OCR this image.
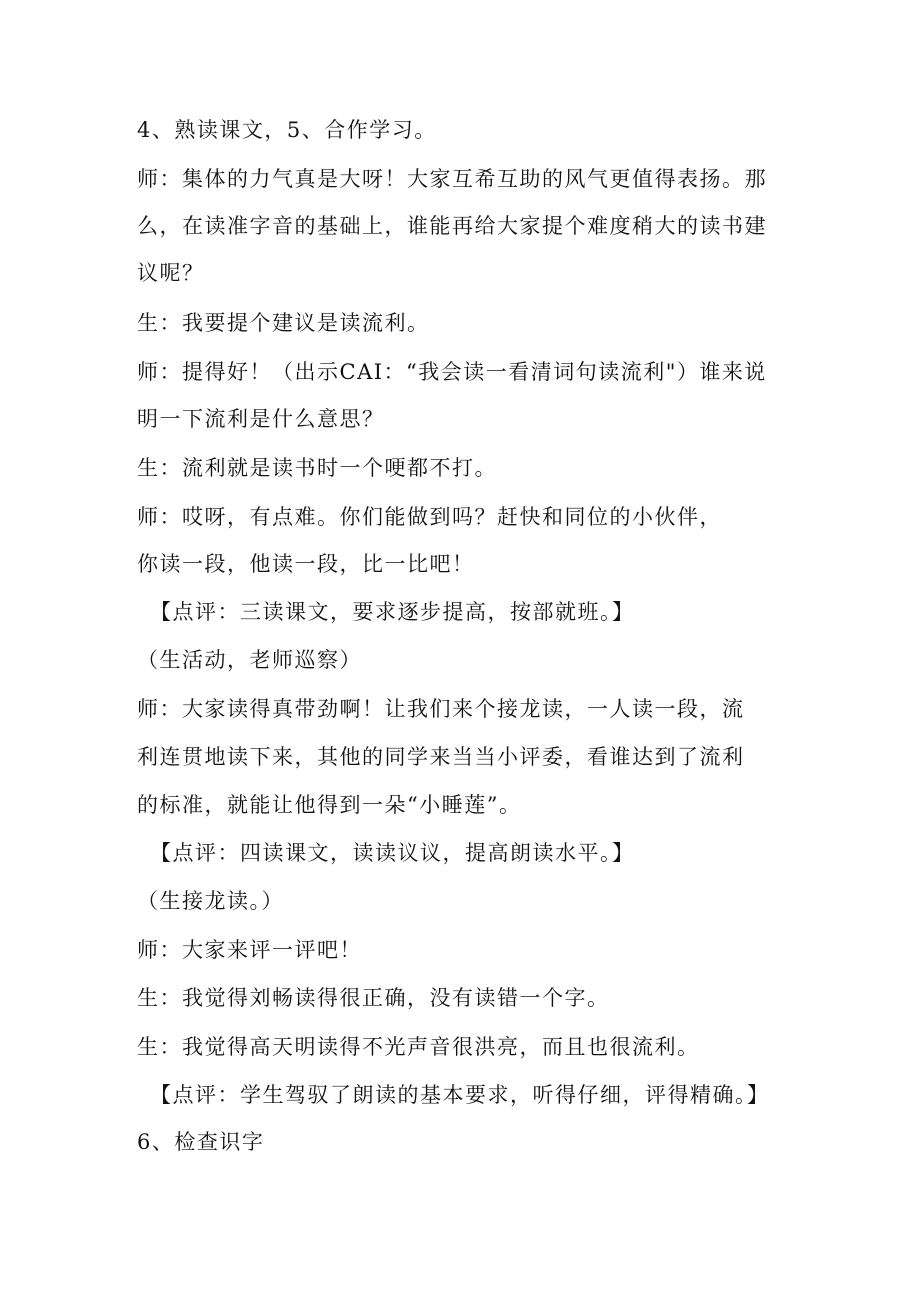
4、熟读课文，5、合作学习。
师：集体的力气真是大呀！大家互希互助的风气更值得表扬。那
么，在读准字音的基础上，谁能再给大家提个难度稍大的读书建
议呢？
生：我要提个建议是读流利。
师：提得好！（出示CAI：“我会读一看清词句读流利"）谁来说
明一下流利是什么意思？
生：流利就是读书时一个哽都不打。
师：哎呀，有点难。你们能做到吗？赶快和同位的小伙伴，
你读一段，他读一段，比一比吧！
【点评：三读课文，要求逐步提高，按部就班。】
（生活动，老师巡察）
师：大家读得真带劲啊！让我们来个接龙读，一人读一段，流
利连贯地读下来，其他的同学来当当小评委，看谁达到了流利
的标准，就能让他得到一朵“小睡莲”。
【点评：四读课文，读读议议，提高朗读水平。】
（生接龙读。）
师：大家来评一评吧！
生：我觉得刘畅读得很正确，没有读错一个字。
生：我觉得高天明读得不光声音很洪亮，而且也很流利。
【点评：学生驾驭了朗读的基本要求，听得仔细，评得精确。】
6、检查识字
